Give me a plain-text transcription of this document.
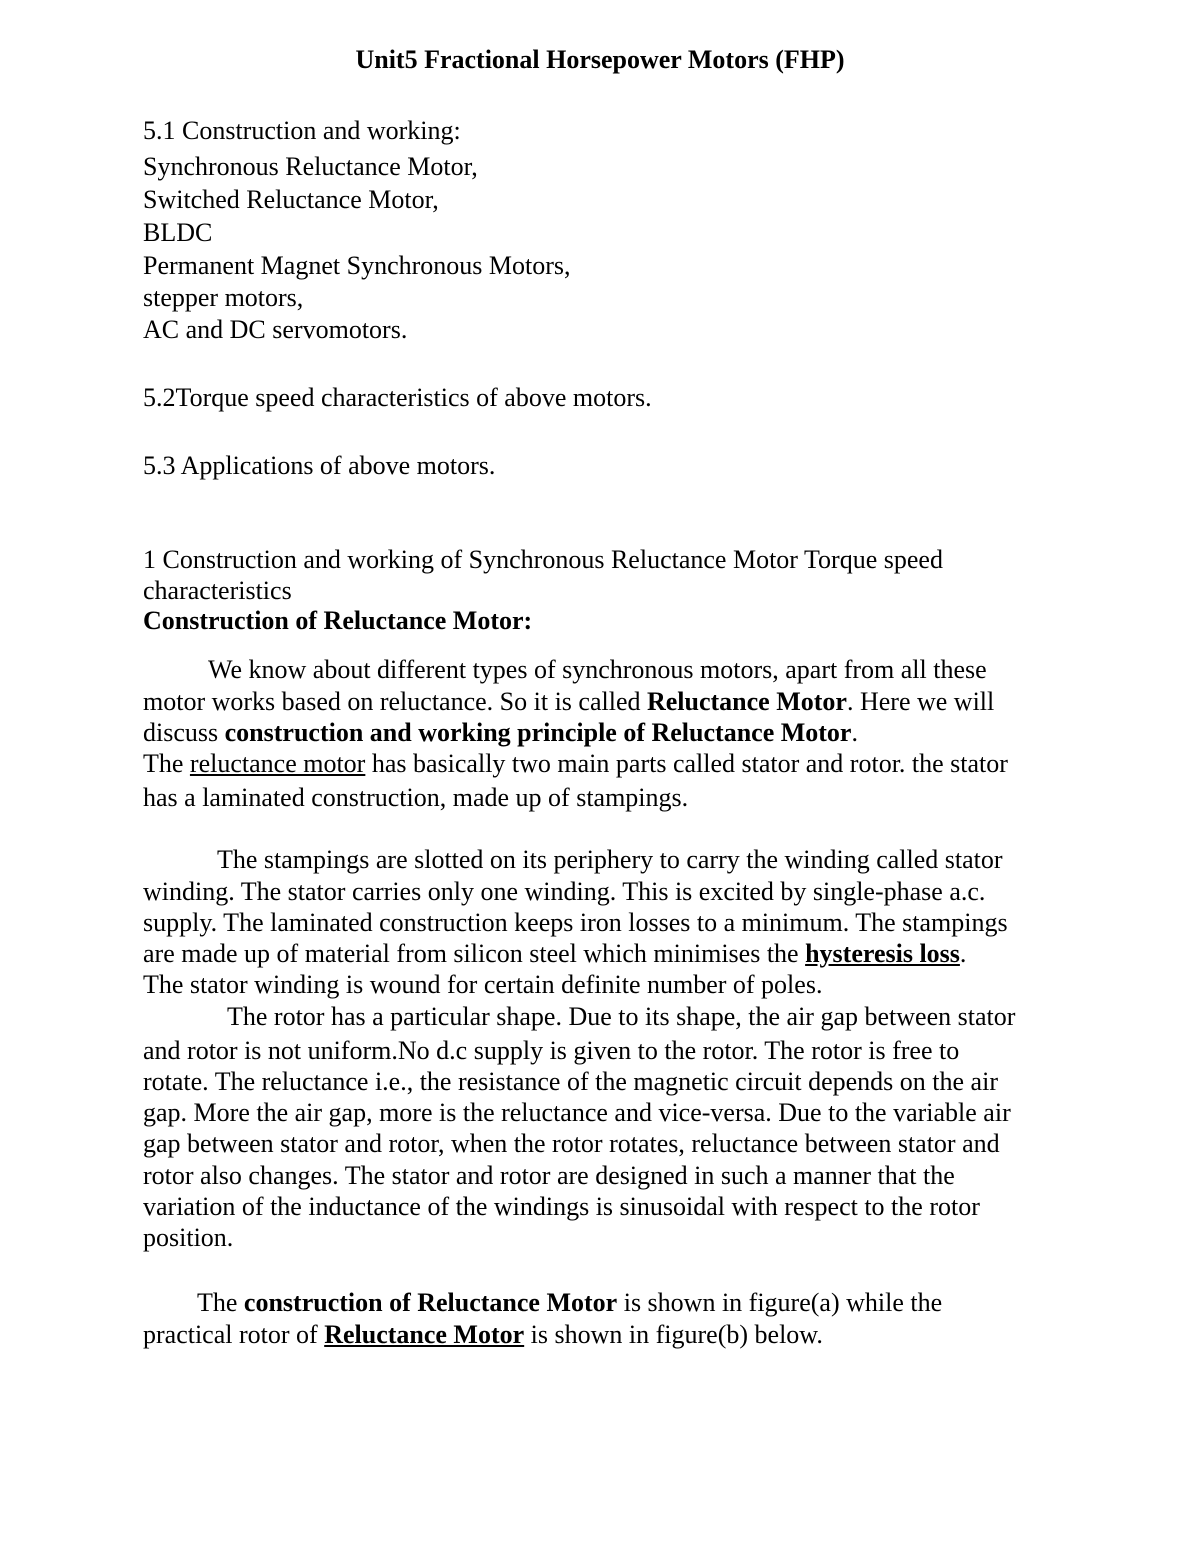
Unit5 Fractional Horsepower Motors (FHP)
5.1 Construction and working:
Synchronous Reluctance Motor,
Switched Reluctance Motor,
BLDC
Permanent Magnet Synchronous Motors,
stepper motors,
AC and DC servomotors.
5.2Torque speed characteristics of above motors.
5.3 Applications of above motors.
1 Construction and working of Synchronous Reluctance Motor Torque speed
characteristics
Construction of Reluctance Motor:
We know about different types of synchronous motors, apart from all these
motor works based on reluctance. So it is called Reluctance Motor. Here we will
discuss construction and working principle of Reluctance Motor.
The reluctance motor has basically two main parts called stator and rotor. the stator
has a laminated construction, made up of stampings.
The stampings are slotted on its periphery to carry the winding called stator
winding. The stator carries only one winding. This is excited by single-phase a.c.
supply. The laminated construction keeps iron losses to a minimum. The stampings
are made up of material from silicon steel which minimises the hysteresis loss.
The stator winding is wound for certain definite number of poles.
The rotor has a particular shape. Due to its shape, the air gap between stator
and rotor is not uniform.No d.c supply is given to the rotor. The rotor is free to
rotate. The reluctance i.e., the resistance of the magnetic circuit depends on the air
gap. More the air gap, more is the reluctance and vice-versa. Due to the variable air
gap between stator and rotor, when the rotor rotates, reluctance between stator and
rotor also changes. The stator and rotor are designed in such a manner that the
variation of the inductance of the windings is sinusoidal with respect to the rotor
position.
The construction of Reluctance Motor is shown in figure(a) while the
practical rotor of Reluctance Motor is shown in figure(b) below.
